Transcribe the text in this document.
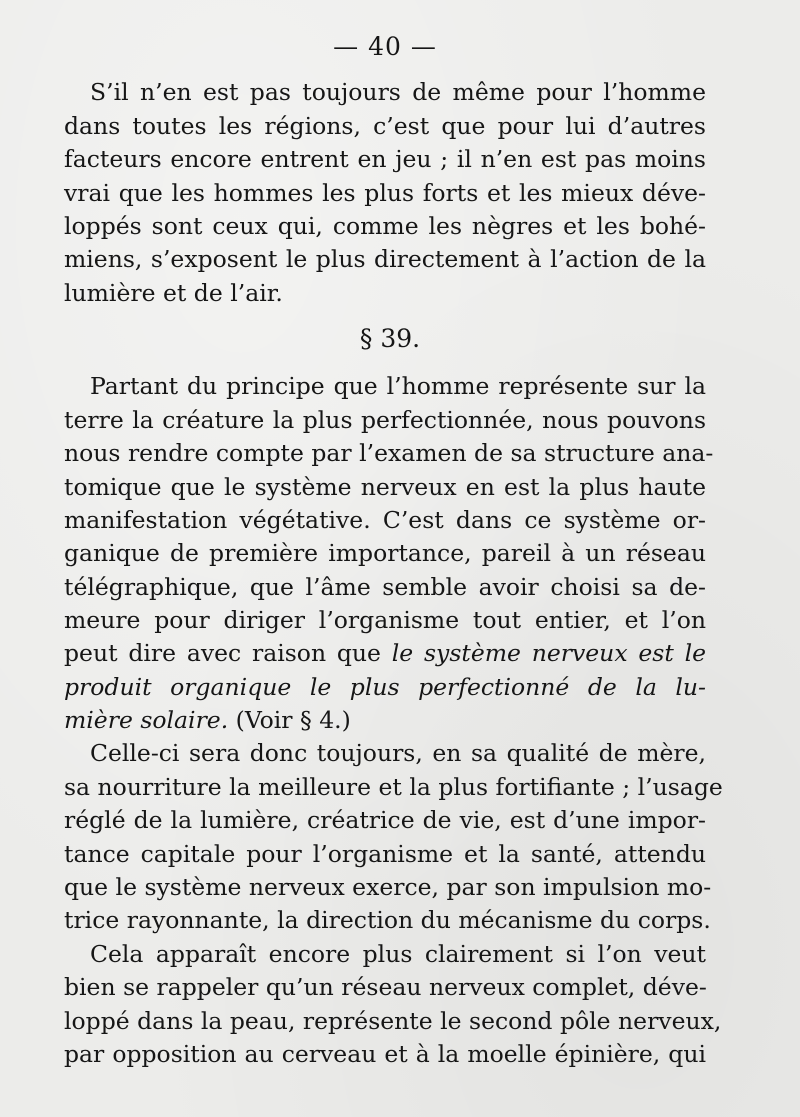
— 40 —
S’il n’en est pas toujours de même pour l’homme
dans toutes les régions, c’est que pour lui d’autres
facteurs encore entrent en jeu ; il n’en est pas moins
vrai que les hommes les plus forts et les mieux déve-
loppés sont ceux qui, comme les nègres et les bohé-
miens, s’exposent le plus directement à l’action de la
lumière et de l’air.
§ 39.
Partant du principe que l’homme représente sur la
terre la créature la plus perfectionnée, nous pouvons
nous rendre compte par l’examen de sa structure ana-
tomique que le système nerveux en est la plus haute
manifestation végétative. C’est dans ce système or-
ganique de première importance, pareil à un réseau
télégraphique, que l’âme semble avoir choisi sa de-
meure pour diriger l’organisme tout entier, et l’on
peut dire avec raison que le système nerveux est le
produit organique le plus perfectionné de la lu-
mière solaire. (Voir § 4.)
Celle-ci sera donc toujours, en sa qualité de mère,
sa nourriture la meilleure et la plus fortifiante ; l’usage
réglé de la lumière, créatrice de vie, est d’une impor-
tance capitale pour l’organisme et la santé, attendu
que le système nerveux exerce, par son impulsion mo-
trice rayonnante, la direction du mécanisme du corps.
Cela apparaît encore plus clairement si l’on veut
bien se rappeler qu’un réseau nerveux complet, déve-
loppé dans la peau, représente le second pôle nerveux,
par opposition au cerveau et à la moelle épinière, qui
